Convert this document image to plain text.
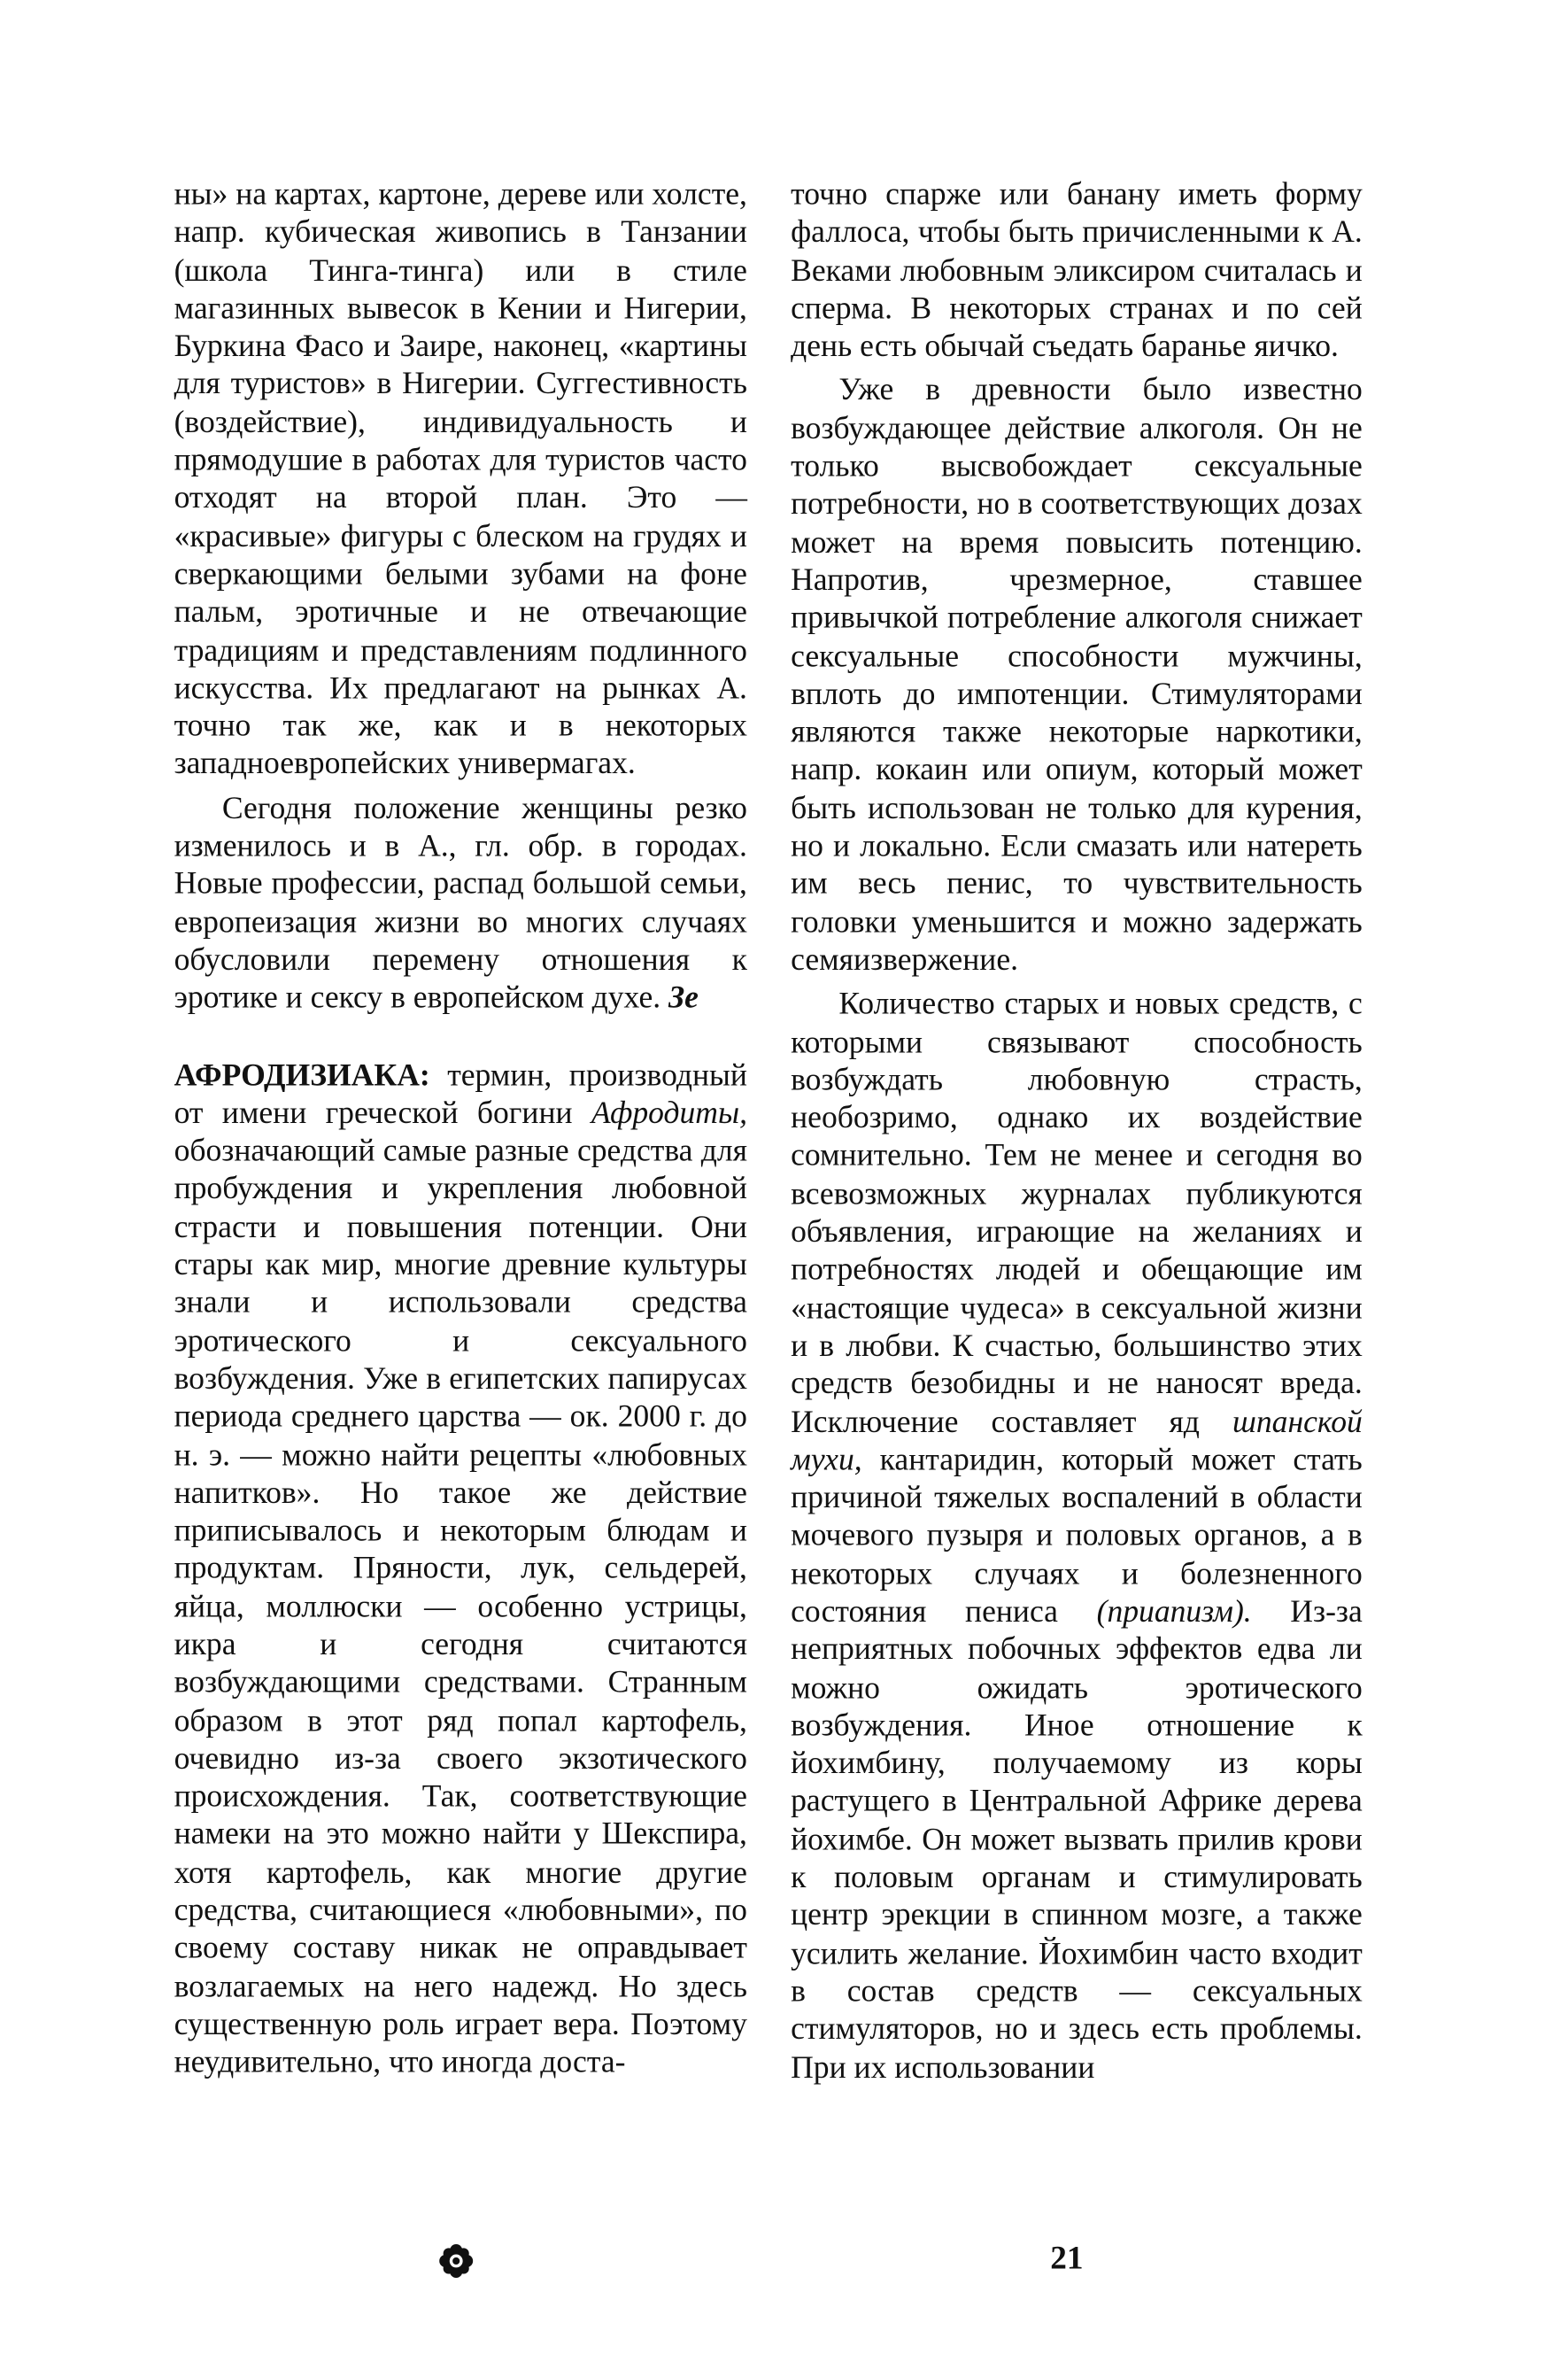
ны» на картах, картоне, дереве или холсте, напр. кубическая живопись в Танзании (школа Тинга-тинга) или в стиле магазинных вывесок в Кении и Нигерии, Буркина Фасо и Заире, наконец, «картины для туристов» в Нигерии. Суггестивность (воздействие), индивидуальность и прямодушие в работах для туристов часто отходят на второй план. Это — «красивые» фигуры с блеском на грудях и сверкающими белыми зубами на фоне пальм, эротичные и не отвечающие традициям и представлениям подлинного искусства. Их предлагают на рынках А. точно так же, как и в некоторых западноевропейских универмагах.

Сегодня положение женщины резко изменилось и в А., гл. обр. в городах. Новые профессии, распад большой семьи, европеизация жизни во многих случаях обусловили перемену отношения к эротике и сексу в европейском духе. Зе

АФРОДИЗИАКА: термин, производный от имени греческой богини Афродиты, обозначающий самые разные средства для пробуждения и укрепления любовной страсти и повышения потенции. Они стары как мир, многие древние культуры знали и использовали средства эротического и сексуального возбуждения. Уже в египетских папирусах периода среднего царства — ок. 2000 г. до н. э. — можно найти рецепты «любовных напитков». Но такое же действие приписывалось и некоторым блюдам и продуктам. Пряности, лук, сельдерей, яйца, моллюски — особенно устрицы, икра и сегодня считаются возбуждающими средствами. Странным образом в этот ряд попал картофель, очевидно из-за своего экзотического происхождения. Так, соответствующие намеки на это можно найти у Шекспира, хотя картофель, как многие другие средства, считающиеся «любовными», по своему составу никак не оправдывает возлагаемых на него надежд. Но здесь существенную роль играет вера. Поэтому неудивительно, что иногда доста-

точно спарже или банану иметь форму фаллоса, чтобы быть причисленными к А. Веками любовным эликсиром считалась и сперма. В некоторых странах и по сей день есть обычай съедать баранье яичко.

Уже в древности было известно возбуждающее действие алкоголя. Он не только высвобождает сексуальные потребности, но в соответствующих дозах может на время повысить потенцию. Напротив, чрезмерное, ставшее привычкой потребление алкоголя снижает сексуальные способности мужчины, вплоть до импотенции. Стимуляторами являются также некоторые наркотики, напр. кокаин или опиум, который может быть использован не только для курения, но и локально. Если смазать или натереть им весь пенис, то чувствительность головки уменьшится и можно задержать семяизвержение.

Количество старых и новых средств, с которыми связывают способность возбуждать любовную страсть, необозримо, однако их воздействие сомнительно. Тем не менее и сегодня во всевозможных журналах публикуются объявления, играющие на желаниях и потребностях людей и обещающие им «настоящие чудеса» в сексуальной жизни и в любви. К счастью, большинство этих средств безобидны и не наносят вреда. Исключение составляет яд шпанской мухи, кантаридин, который может стать причиной тяжелых воспалений в области мочевого пузыря и половых органов, а в некоторых случаях и болезненного состояния пениса (приапизм). Из-за неприятных побочных эффектов едва ли можно ожидать эротического возбуждения. Иное отношение к йохимбину, получаемому из коры растущего в Центральной Африке дерева йохимбе. Он может вызвать прилив крови к половым органам и стимулировать центр эрекции в спинном мозге, а также усилить желание. Йохимбин часто входит в состав средств — сексуальных стимуляторов, но и здесь есть проблемы. При их использовании

21
